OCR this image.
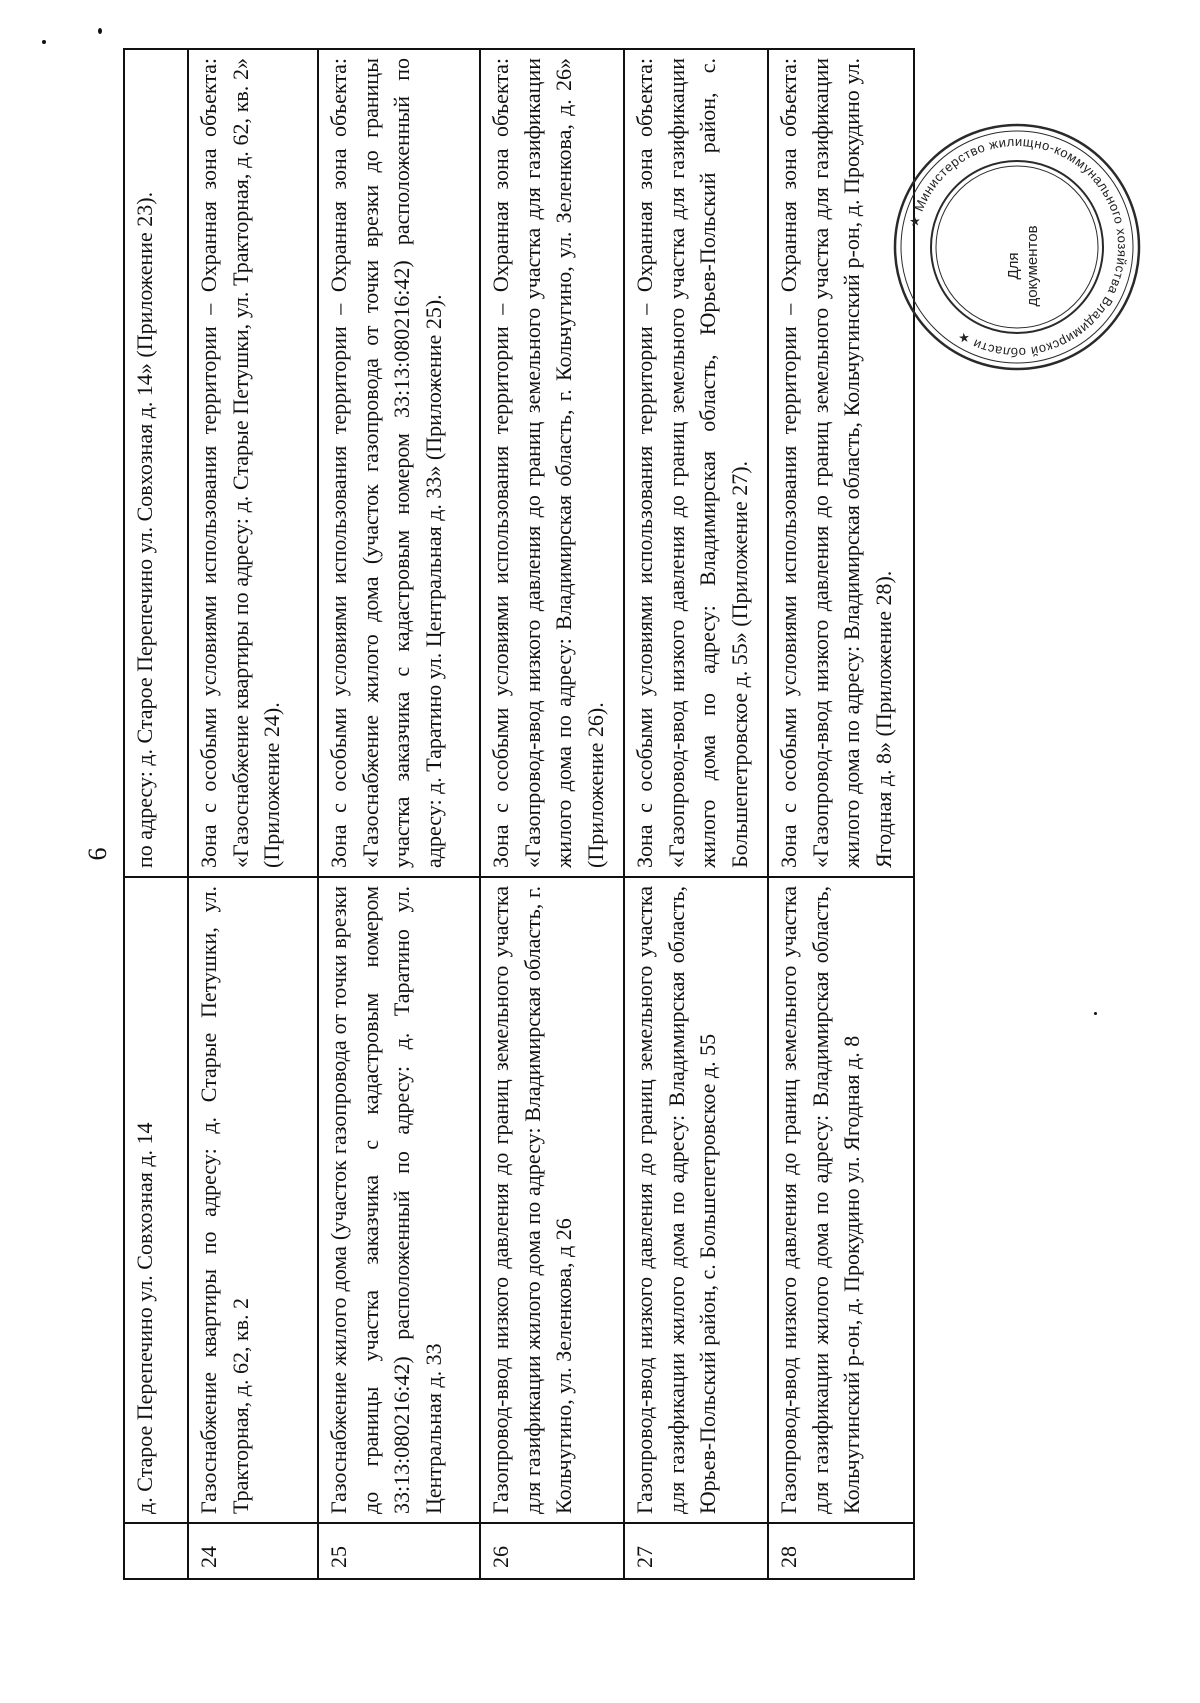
6
	д. Старое Перепечино ул. Совхозная д. 14	по адресу: д. Старое Перепечино ул. Совхозная д. 14» (Приложение 23).
24	Газоснабжение квартиры по адресу: д. Старые Петушки, ул. Тракторная, д. 62, кв. 2	Зона с особыми условиями использования территории – Охранная зона объекта: «Газоснабжение квартиры по адресу: д. Старые Петушки, ул. Тракторная, д. 62, кв. 2» (Приложение 24).
25	Газоснабжение жилого дома (участок газопровода от точки врезки до границы участка заказчика с кадастровым номером 33:13:080216:42) расположенный по адресу: д. Таратино ул. Центральная д. 33	Зона с особыми условиями использования территории – Охранная зона объекта: «Газоснабжение жилого дома (участок газопровода от точки врезки до границы участка заказчика с кадастровым номером 33:13:080216:42) расположенный по адресу: д. Таратино ул. Центральная д. 33» (Приложение 25).
26	Газопровод-ввод низкого давления до границ земельного участка для газификации жилого дома по адресу: Владимирская область, г. Кольчугино, ул. Зеленкова, д 26	Зона с особыми условиями использования территории – Охранная зона объекта: «Газопровод-ввод низкого давления до границ земельного участка для газификации жилого дома по адресу: Владимирская область, г. Кольчугино, ул. Зеленкова, д. 26» (Приложение 26).
27	Газопровод-ввод низкого давления до границ земельного участка для газификации жилого дома по адресу: Владимирская область, Юрьев-Польский район, с. Большепетровское д. 55	Зона с особыми условиями использования территории – Охранная зона объекта: «Газопровод-ввод низкого давления до границ земельного участка для газификации жилого дома по адресу: Владимирская область, Юрьев-Польский район, с. Большепетровское д. 55» (Приложение 27).
28	Газопровод-ввод низкого давления до границ земельного участка для газификации жилого дома по адресу: Владимирская область, Кольчугинский р-он, д. Прокудино ул. Ягодная д. 8	Зона с особыми условиями использования территории – Охранная зона объекта: «Газопровод-ввод низкого давления до границ земельного участка для газификации жилого дома по адресу: Владимирская область, Кольчугинский р-он, д. Прокудино ул. Ягодная д. 8» (Приложение 28).
★ Министерство жилищно-коммунального хозяйства Владимирской области ★
Для документов
